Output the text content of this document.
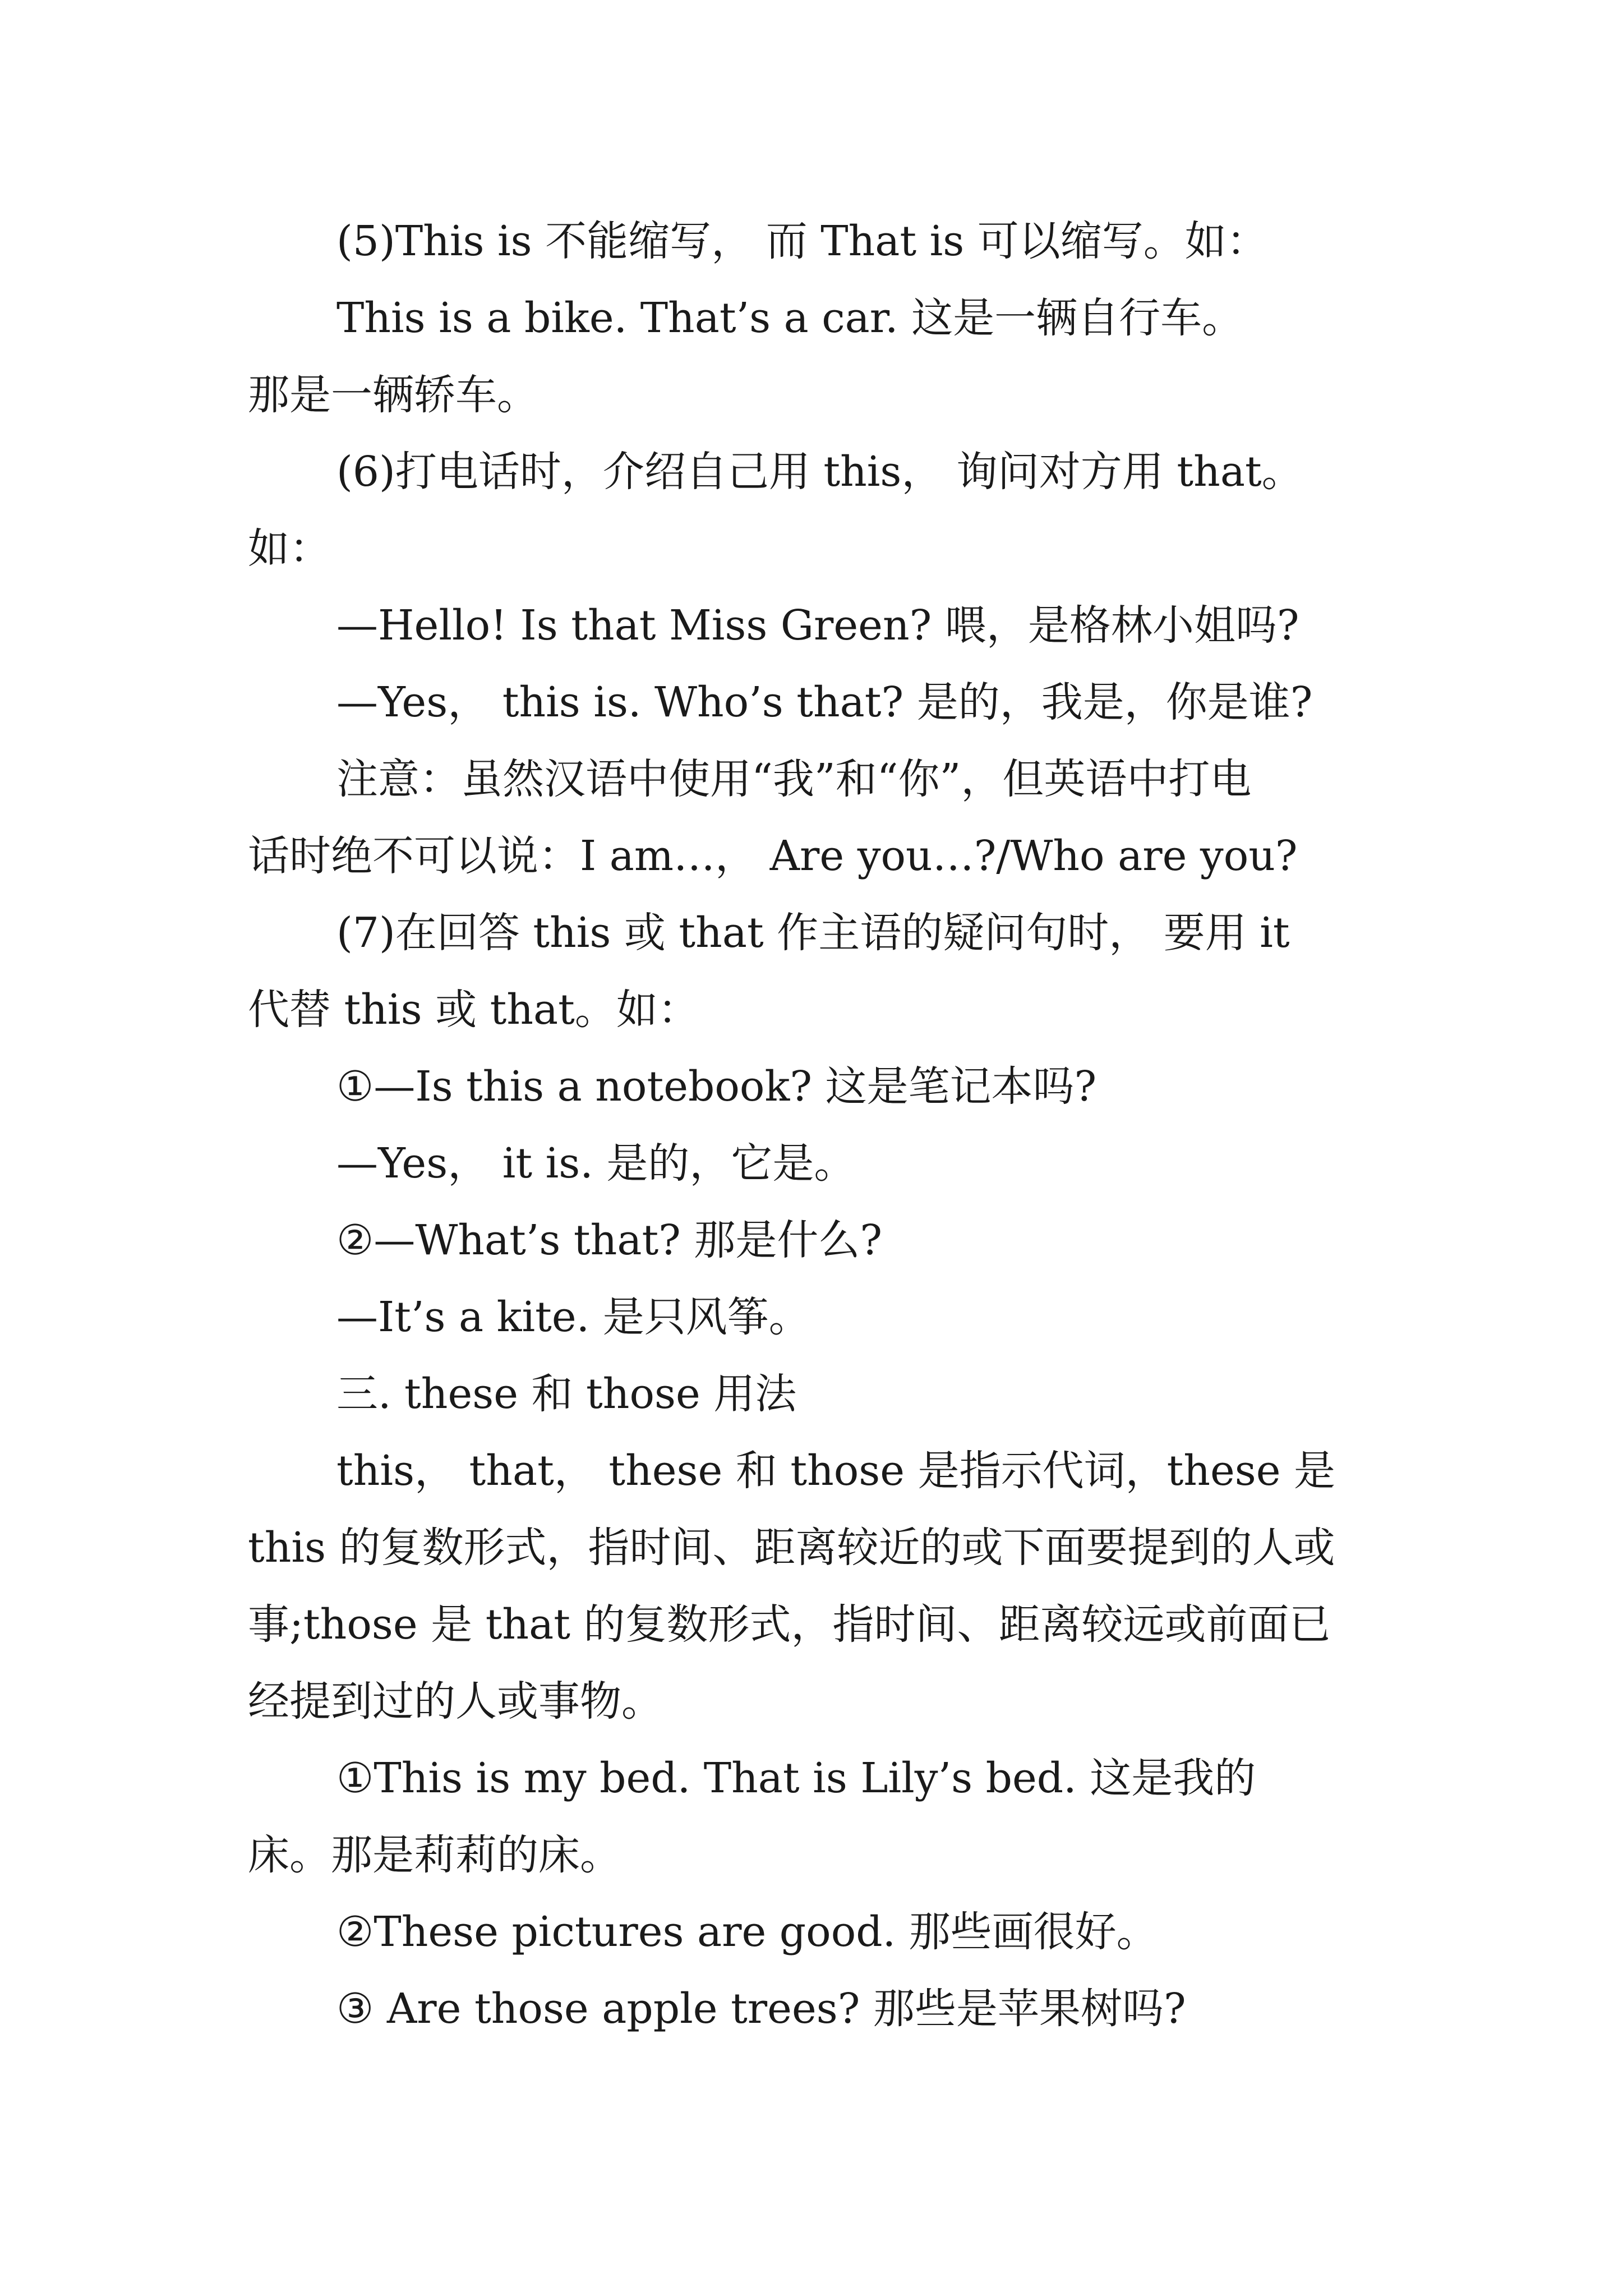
(5)This is 不能缩写， 而 That is 可以缩写。如：
This is a bike. That’s a car. 这是一辆自行车。
那是一辆轿车。
(6)打电话时，介绍自己用 this， 询问对方用 that。
如：
—Hello! Is that Miss Green? 喂，是格林小姐吗?
—Yes， this is. Who’s that? 是的，我是，你是谁?
注意：虽然汉语中使用“我”和“你”，但英语中打电
话时绝不可以说：I am…， Are you…?/Who are you?
(7)在回答 this 或 that 作主语的疑问句时， 要用 it
代替 this 或 that。如：
①—Is this a notebook? 这是笔记本吗?
—Yes， it is. 是的，它是。
②—What’s that? 那是什么?
—It’s a kite. 是只风筝。
三. these 和 those 用法
this， that， these 和 those 是指示代词，these 是
this 的复数形式，指时间、距离较近的或下面要提到的人或
事;those 是 that 的复数形式，指时间、距离较远或前面已
经提到过的人或事物。
①This is my bed. That is Lily’s bed. 这是我的
床。那是莉莉的床。
②These pictures are good. 那些画很好。
③ Are those apple trees? 那些是苹果树吗?
